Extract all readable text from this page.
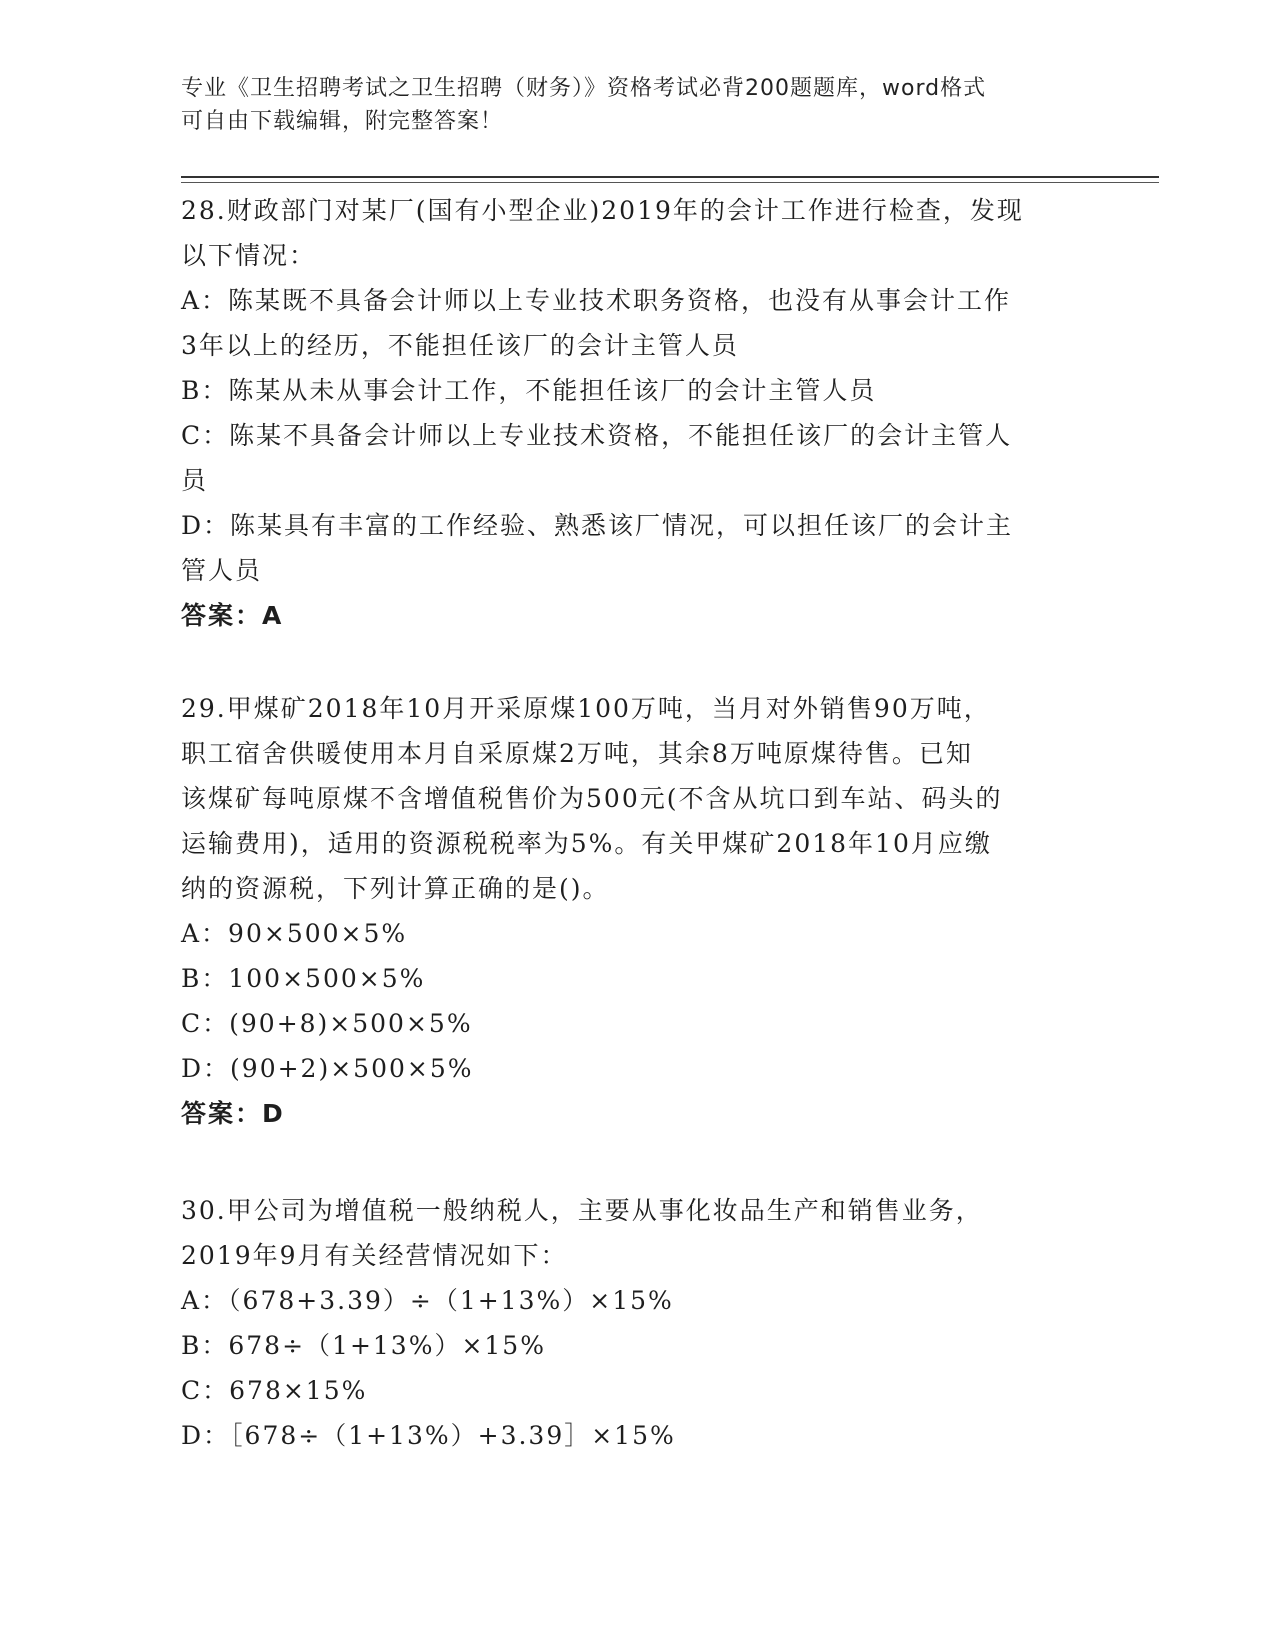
专业《卫生招聘考试之卫生招聘（财务）》资格考试必背200题题库，word格式
可自由下载编辑，附完整答案！
28.财政部门对某厂(国有小型企业)2019年的会计工作进行检查，发现
以下情况：
A：陈某既不具备会计师以上专业技术职务资格，也没有从事会计工作
3年以上的经历，不能担任该厂的会计主管人员
B：陈某从未从事会计工作，不能担任该厂的会计主管人员
C：陈某不具备会计师以上专业技术资格，不能担任该厂的会计主管人
员
D：陈某具有丰富的工作经验、熟悉该厂情况，可以担任该厂的会计主
管人员
答案：A
29.甲煤矿2018年10月开采原煤100万吨，当月对外销售90万吨，
职工宿舍供暖使用本月自采原煤2万吨，其余8万吨原煤待售。已知
该煤矿每吨原煤不含增值税售价为500元(不含从坑口到车站、码头的
运输费用)，适用的资源税税率为5%。有关甲煤矿2018年10月应缴
纳的资源税，下列计算正确的是()。
A：90×500×5%
B：100×500×5%
C：(90+8)×500×5%
D：(90+2)×500×5%
答案：D
30.甲公司为增值税一般纳税人，主要从事化妆品生产和销售业务，
2019年9月有关经营情况如下：
A：（678+3.39）÷（1+13%）×15%
B：678÷（1+13%）×15%
C：678×15%
D：［678÷（1+13%）+3.39］×15%
